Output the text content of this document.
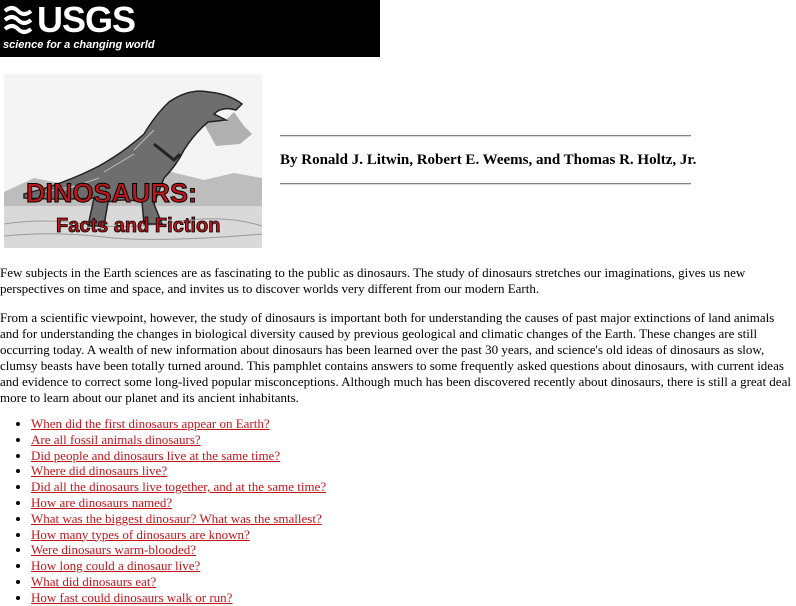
USGS
science for a changing world
DINOSAURS:
Facts and Fiction
By Ronald J. Litwin, Robert E. Weems, and Thomas R. Holtz, Jr.

Few subjects in the Earth sciences are as fascinating to the public as dinosaurs. The study of dinosaurs stretches our imaginations, gives us new perspectives on time and space, and invites us to discover worlds very different from our modern Earth.

From a scientific viewpoint, however, the study of dinosaurs is important both for understanding the causes of past major extinctions of land animals and for understanding the changes in biological diversity caused by previous geological and climatic changes of the Earth. These changes are still occurring today. A wealth of new information about dinosaurs has been learned over the past 30 years, and science's old ideas of dinosaurs as slow, clumsy beasts have been totally turned around. This pamphlet contains answers to some frequently asked questions about dinosaurs, with current ideas and evidence to correct some long-lived popular misconceptions. Although much has been discovered recently about dinosaurs, there is still a great deal more to learn about our planet and its ancient inhabitants.

• When did the first dinosaurs appear on Earth?
• Are all fossil animals dinosaurs?
• Did people and dinosaurs live at the same time?
• Where did dinosaurs live?
• Did all the dinosaurs live together, and at the same time?
• How are dinosaurs named?
• What was the biggest dinosaur? What was the smallest?
• How many types of dinosaurs are known?
• Were dinosaurs warm-blooded?
• How long could a dinosaur live?
• What did dinosaurs eat?
• How fast could dinosaurs walk or run?
